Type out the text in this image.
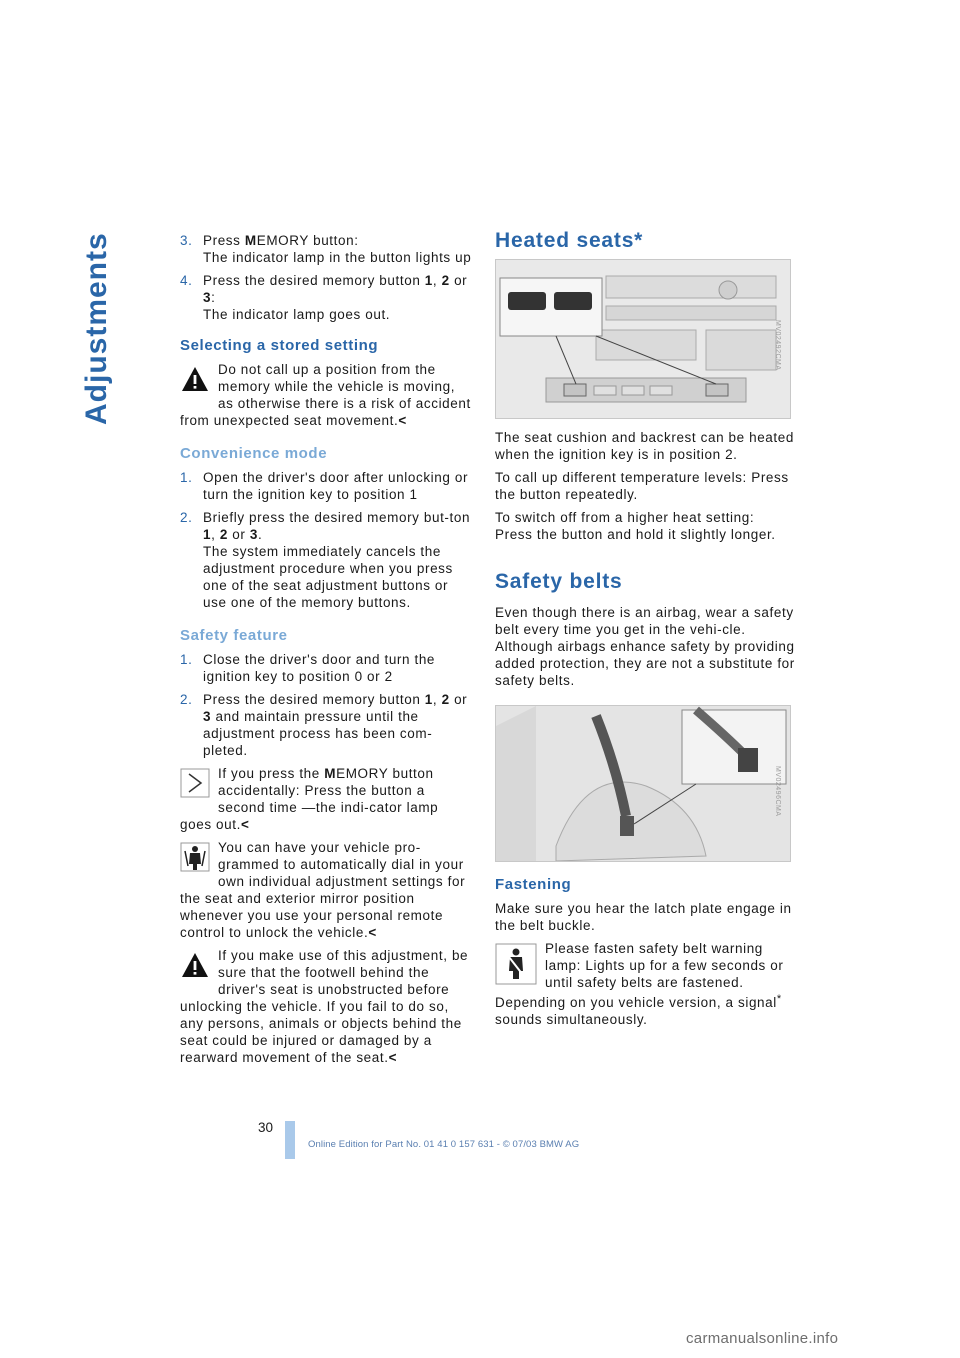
Adjustments	3. Press MEMORY button:
The indicator lamp in the button lights up
4. Press the desired memory button 1, 2 or 3:
The indicator lamp goes out.
Selecting a stored setting
Do not call up a position from the memory while the vehicle is moving, as otherwise there is a risk of accident from unexpected seat movement.<
Convenience mode
1. Open the driver's door after unlocking or turn the ignition key to position 1
2. Briefly press the desired memory but-ton 1, 2 or 3.
The system immediately cancels the adjustment procedure when you press one of the seat adjustment buttons or use one of the memory buttons.
Safety feature
1. Close the driver's door and turn the ignition key to position 0 or 2
2. Press the desired memory button 1, 2 or 3 and maintain pressure until the adjustment process has been com-pleted.
If you press the MEMORY button accidentally: Press the button a second time —the indi-cator lamp goes out.<
You can have your vehicle pro-grammed to automatically dial in your own individual adjustment settings for the seat and exterior mirror position whenever you use your personal remote control to unlock the vehicle.<
If you make use of this adjustment, be sure that the footwell behind the driver's seat is unobstructed before unlocking the vehicle. If you fail to do so, any persons, animals or objects behind the seat could be injured or damaged by a rearward movement of the seat.<
Heated seats*
MV02492CMA

The seat cushion and backrest can be heated when the ignition key is in position 2.

To call up different temperature levels: Press the button repeatedly.

To switch off from a higher heat setting: Press the button and hold it slightly longer.

Safety belts

Even though there is an airbag, wear a safety belt every time you get in the vehi-cle. Although airbags enhance safety by providing added protection, they are not a substitute for safety belts.

MV02496CMA
Fastening

Make sure you hear the latch plate engage in the belt buckle.

Please fasten safety belt warning lamp: Lights up for a few seconds or until safety belts are fastened. Depending on you vehicle version, a signal* sounds simultaneously.
30
Online Edition for Part No. 01 41 0 157 631 - © 07/03 BMW AG
carmanualsonline.info
